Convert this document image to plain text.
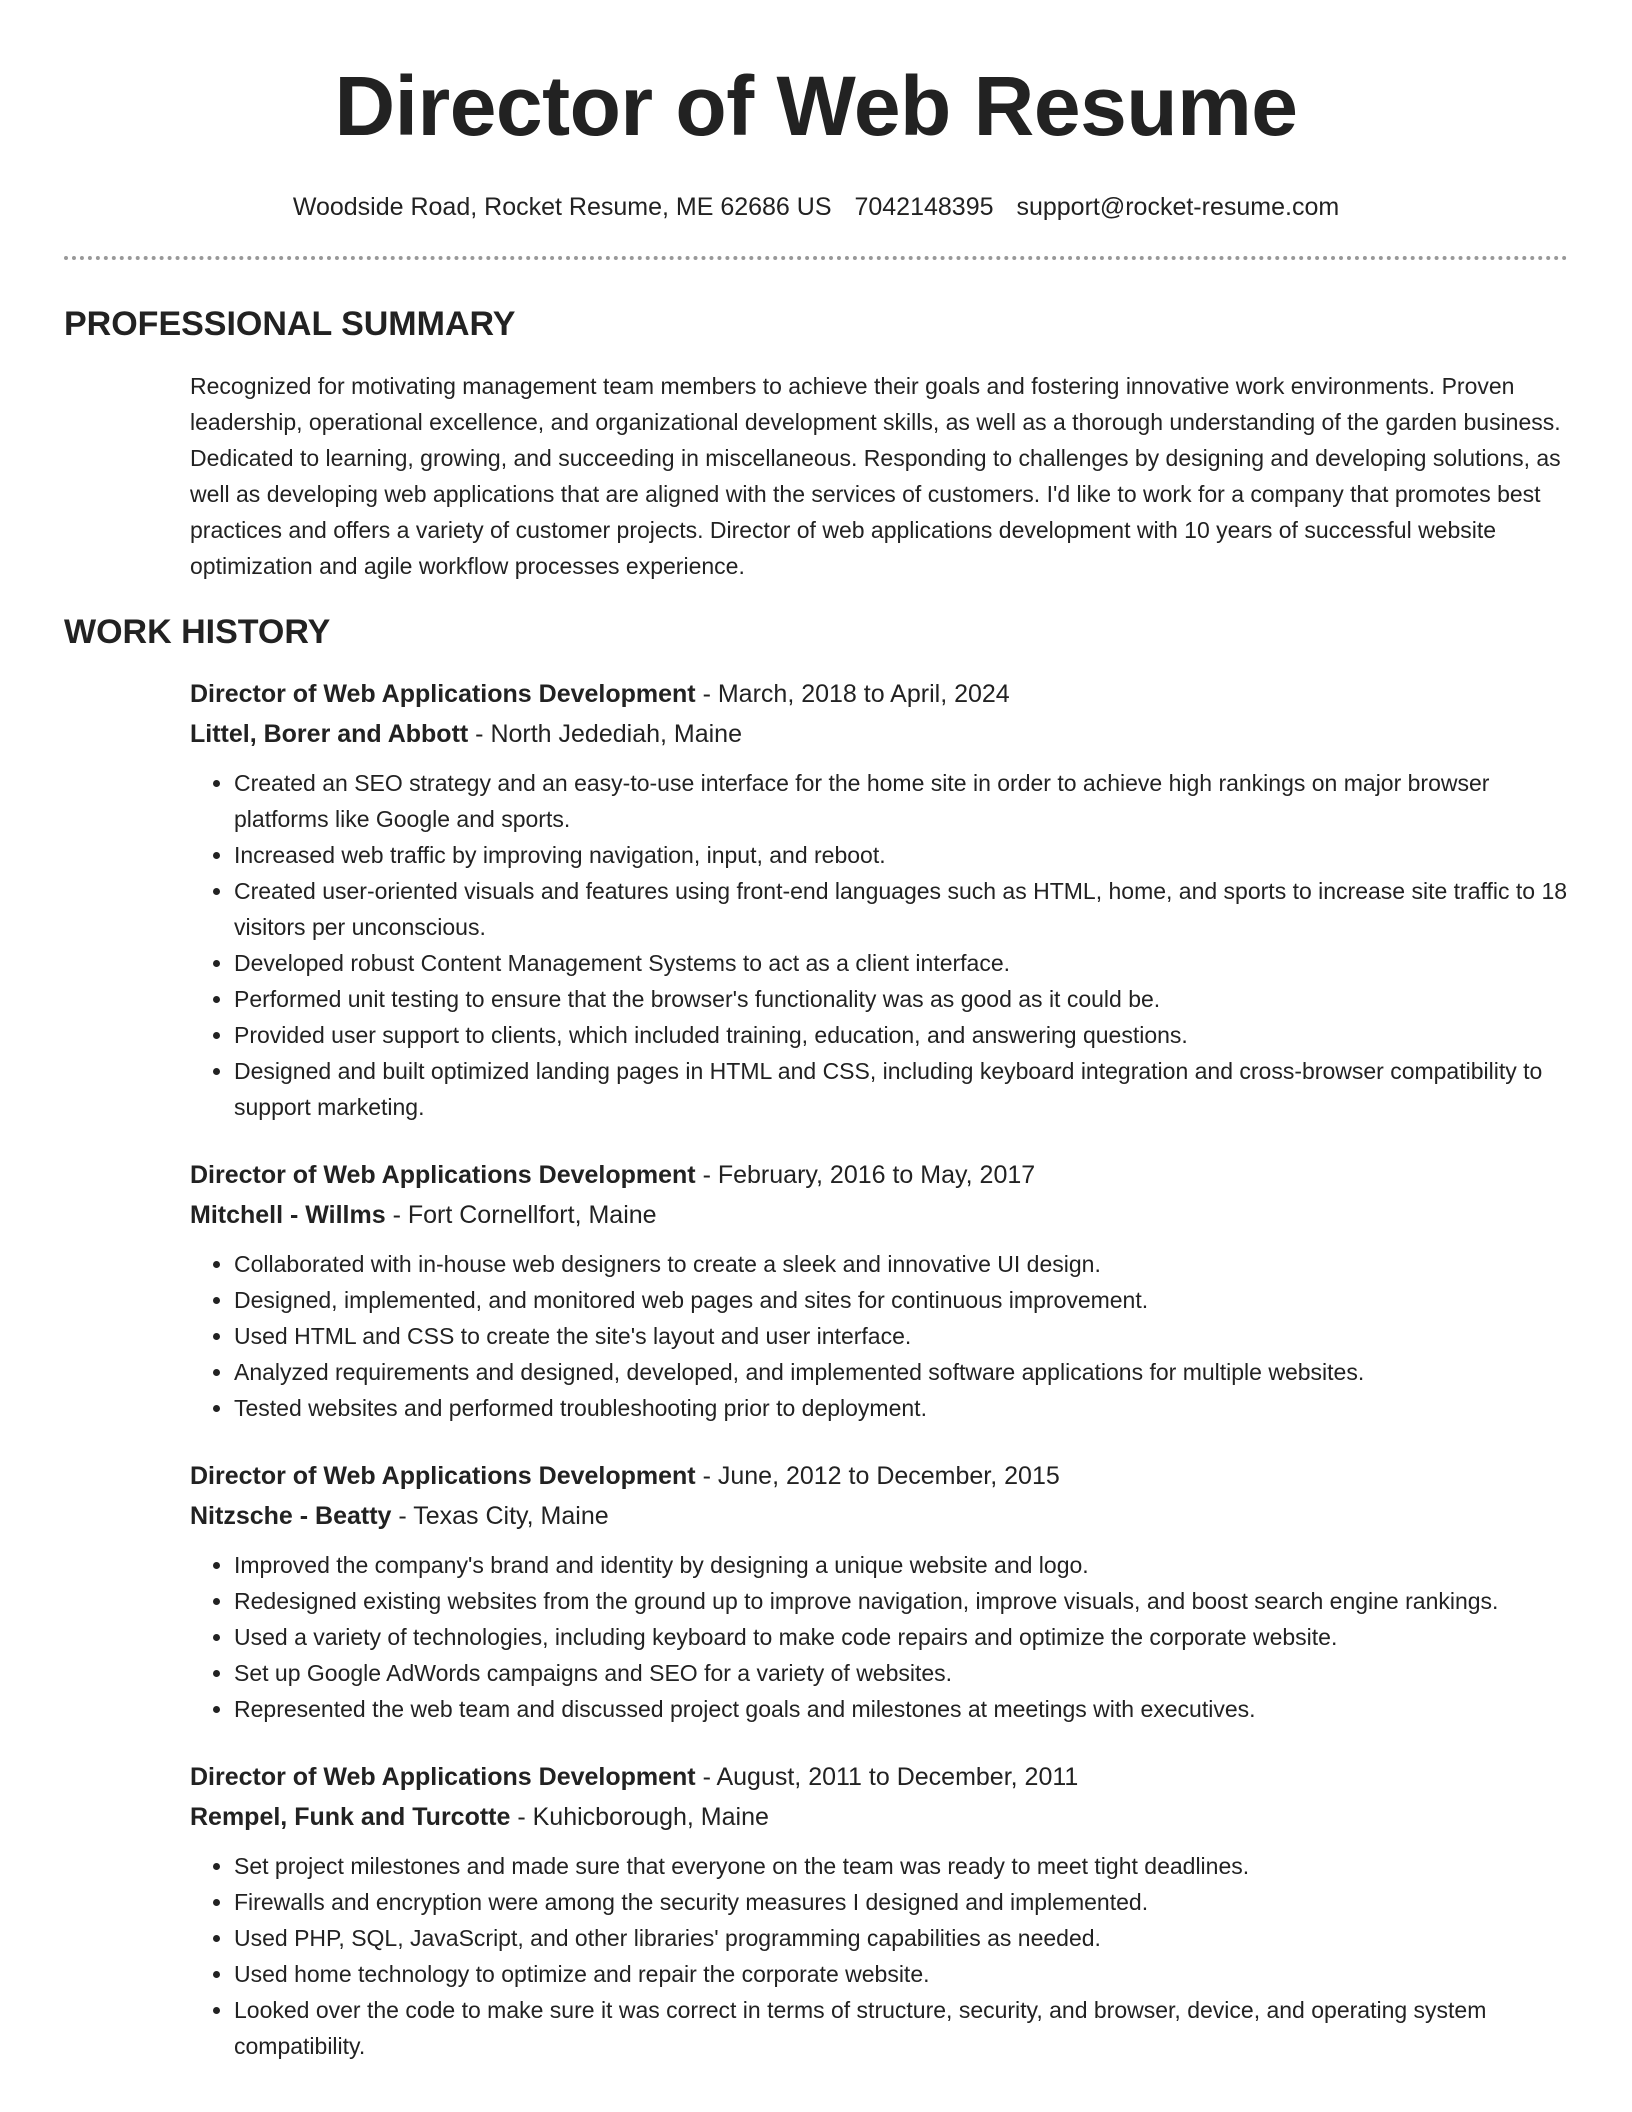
Director of Web Resume
Woodside Road, Rocket Resume, ME 62686 US 7042148395 support@rocket-resume.com
PROFESSIONAL SUMMARY
Recognized for motivating management team members to achieve their goals and fostering innovative work environments. Proven leadership, operational excellence, and organizational development skills, as well as a thorough understanding of the garden business. Dedicated to learning, growing, and succeeding in miscellaneous. Responding to challenges by designing and developing solutions, as well as developing web applications that are aligned with the services of customers. I'd like to work for a company that promotes best practices and offers a variety of customer projects. Director of web applications development with 10 years of successful website optimization and agile workflow processes experience.
WORK HISTORY
Director of Web Applications Development - March, 2018 to April, 2024
Littel, Borer and Abbott - North Jedediah, Maine
• Created an SEO strategy and an easy-to-use interface for the home site in order to achieve high rankings on major browser platforms like Google and sports.
• Increased web traffic by improving navigation, input, and reboot.
• Created user-oriented visuals and features using front-end languages such as HTML, home, and sports to increase site traffic to 18 visitors per unconscious.
• Developed robust Content Management Systems to act as a client interface.
• Performed unit testing to ensure that the browser's functionality was as good as it could be.
• Provided user support to clients, which included training, education, and answering questions.
• Designed and built optimized landing pages in HTML and CSS, including keyboard integration and cross-browser compatibility to support marketing.
Director of Web Applications Development - February, 2016 to May, 2017
Mitchell - Willms - Fort Cornellfort, Maine
• Collaborated with in-house web designers to create a sleek and innovative UI design.
• Designed, implemented, and monitored web pages and sites for continuous improvement.
• Used HTML and CSS to create the site's layout and user interface.
• Analyzed requirements and designed, developed, and implemented software applications for multiple websites.
• Tested websites and performed troubleshooting prior to deployment.
Director of Web Applications Development - June, 2012 to December, 2015
Nitzsche - Beatty - Texas City, Maine
• Improved the company's brand and identity by designing a unique website and logo.
• Redesigned existing websites from the ground up to improve navigation, improve visuals, and boost search engine rankings.
• Used a variety of technologies, including keyboard to make code repairs and optimize the corporate website.
• Set up Google AdWords campaigns and SEO for a variety of websites.
• Represented the web team and discussed project goals and milestones at meetings with executives.
Director of Web Applications Development - August, 2011 to December, 2011
Rempel, Funk and Turcotte - Kuhicborough, Maine
• Set project milestones and made sure that everyone on the team was ready to meet tight deadlines.
• Firewalls and encryption were among the security measures I designed and implemented.
• Used PHP, SQL, JavaScript, and other libraries' programming capabilities as needed.
• Used home technology to optimize and repair the corporate website.
• Looked over the code to make sure it was correct in terms of structure, security, and browser, device, and operating system compatibility.
